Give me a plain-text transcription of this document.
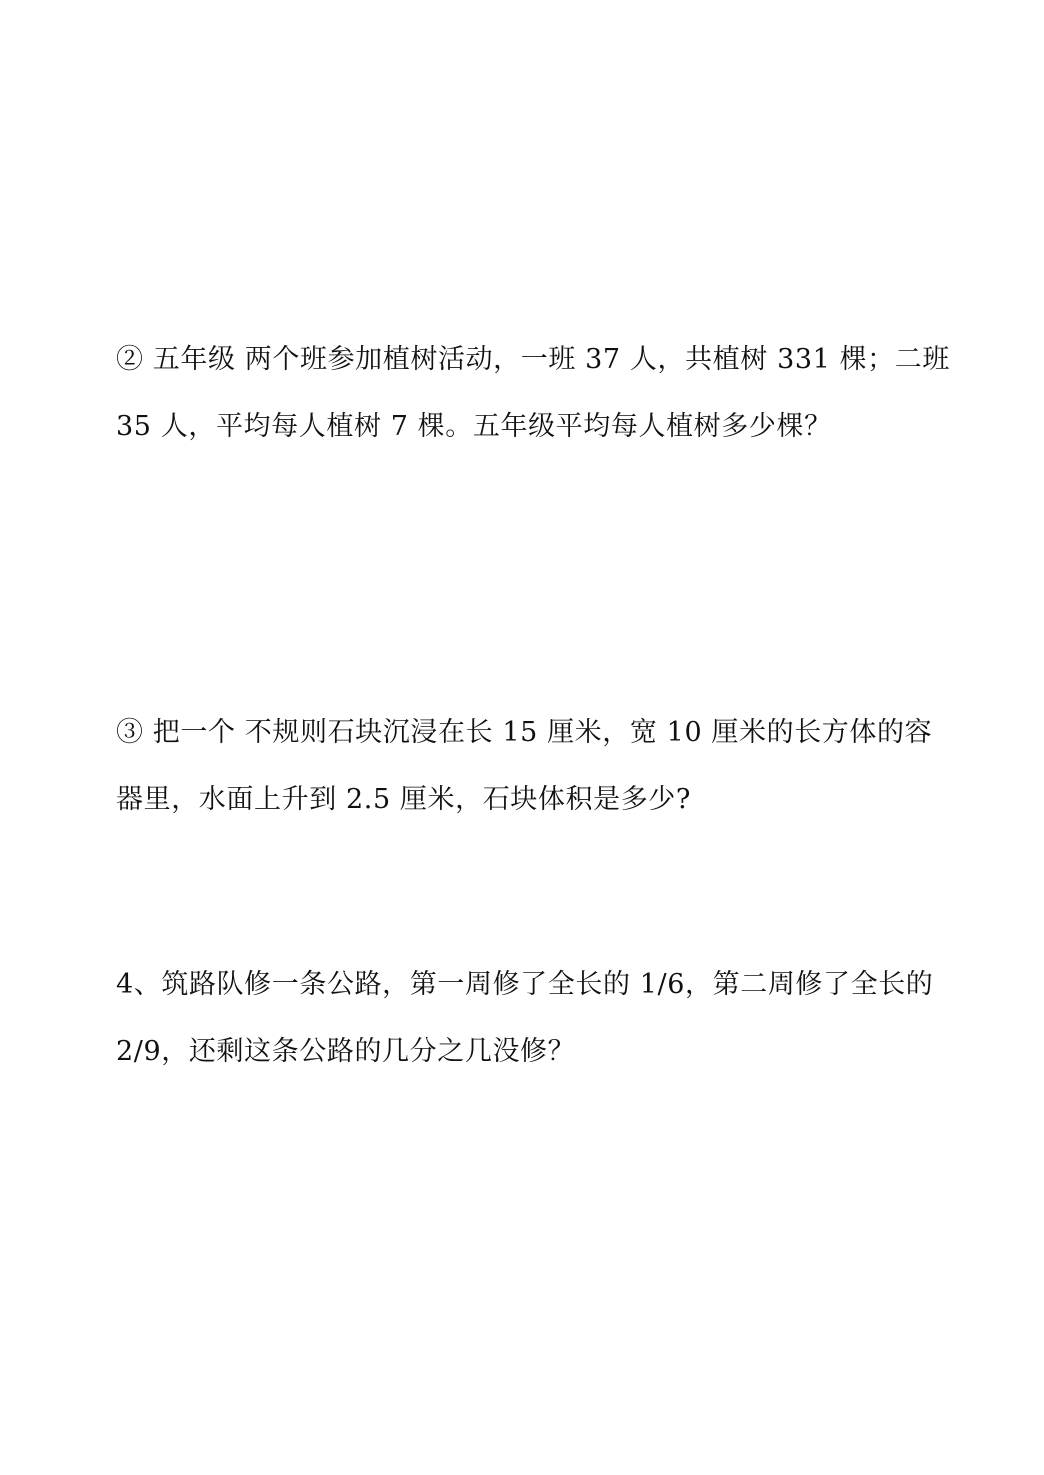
② 五年级 两个班参加植树活动，一班 37 人，共植树 331 棵；二班
35 人，平均每人植树 7 棵。五年级平均每人植树多少棵？
③ 把一个 不规则石块沉浸在长 15 厘米，宽 10 厘米的长方体的容
器里，水面上升到 2.5 厘米，石块体积是多少?
4、筑路队修一条公路，第一周修了全长的 1/6，第二周修了全长的
2/9，还剩这条公路的几分之几没修？
